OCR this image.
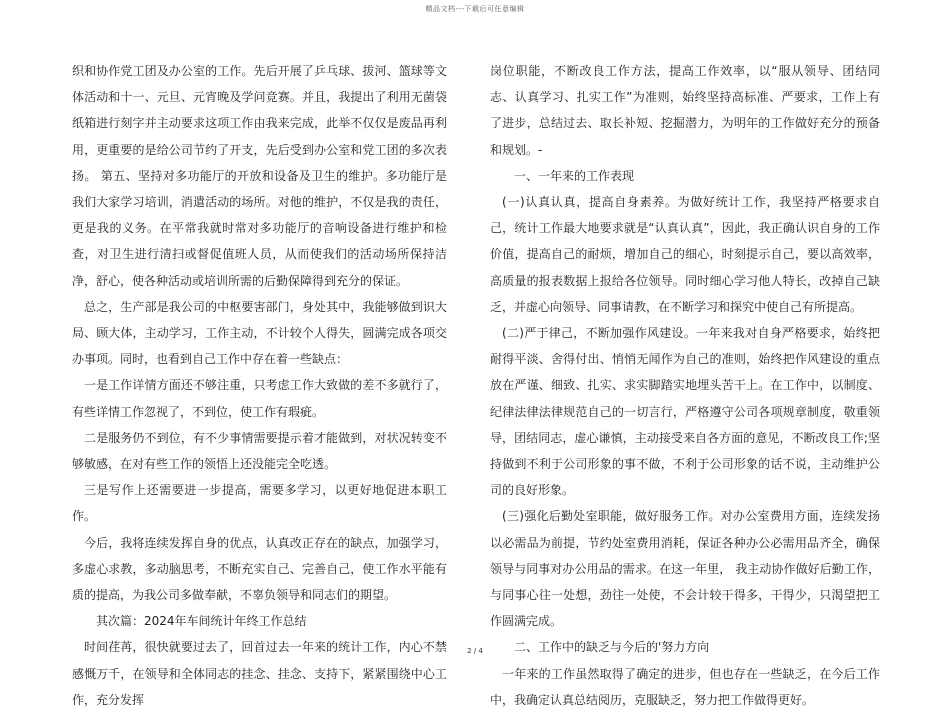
精品文档---下载后可任意编辑

织和协作党工团及办公室的工作。先后开展了乒乓球、拔河、篮球等文体活动和十一、元旦、元宵晚及学问竞赛。并且，我提出了利用无菌袋纸箱进行刻字并主动要求这项工作由我来完成，此举不仅仅是废品再利用，更重要的是给公司节约了开支，先后受到办公室和党工团的多次表扬。 第五、坚持对多功能厅的开放和设备及卫生的维护。多功能厅是我们大家学习培训，消遣活动的场所。对他的维护，不仅是我的责任，更是我的义务。在平常我就时常对多功能厅的音响设备进行维护和检查，对卫生进行清扫或督促值班人员，从而使我们的活动场所保持洁净，舒心，使各种活动或培训所需的后勤保障得到充分的保证。

总之，生产部是我公司的中枢要害部门，身处其中，我能够做到识大局、顾大体，主动学习，工作主动，不计较个人得失，圆满完成各项交办事项。同时，也看到自己工作中存在着一些缺点：

一是工作详情方面还不够注重，只考虑工作大致做的差不多就行了，有些详情工作忽视了，不到位，使工作有瑕疵。

二是服务仍不到位，有不少事情需要提示着才能做到，对状况转变不够敏感，在对有些工作的领悟上还没能完全吃透。

三是写作上还需要进一步提高，需要多学习，以更好地促进本职工作。

今后，我将连续发挥自身的优点，认真改正存在的缺点，加强学习，多虚心求教，多动脑思考，不断充实自己、完善自己，使工作水平能有质的提高，为我公司多做奉献，不辜负领导和同志们的期望。

其次篇：2024年车间统计年终工作总结

时间荏苒，很快就要过去了，回首过去一年来的统计工作，内心不禁感慨万千，在领导和全体同志的挂念、挂念、支持下，紧紧围绕中心工作，充分发挥

岗位职能，不断改良工作方法，提高工作效率，以“服从领导、团结同志、认真学习、扎实工作”为准则，始终坚持高标准、严要求，工作上有了进步，总结过去、取长补短、挖掘潜力，为明年的工作做好充分的预备和规划。-

一、一年来的工作表现

(一)认真认真，提高自身素养。为做好统计工作，我坚持严格要求自己，统计工作最大地要求就是“认真认真”，因此，我正确认识自身的工作价值，提高自己的耐烦，增加自己的细心，时刻提示自己，要以高效率，高质量的报表数据上报给各位领导。同时细心学习他人特长，改掉自己缺乏，并虚心向领导、同事请教，在不断学习和探究中使自己有所提高。

(二)严于律己，不断加强作风建设。一年来我对自身严格要求，始终把耐得平淡、舍得付出、悄悄无闻作为自己的准则，始终把作风建设的重点放在严谨、细致、扎实、求实脚踏实地埋头苦干上。在工作中，以制度、纪律法律法律规范自己的一切言行，严格遵守公司各项规章制度，敬重领导，团结同志，虚心谦慎，主动接受来自各方面的意见，不断改良工作;坚持做到不利于公司形象的事不做，不利于公司形象的话不说，主动维护公司的良好形象。

(三)强化后勤处室职能，做好服务工作。对办公室费用方面，连续发扬以必需品为前提，节约处室费用消耗，保证各种办公必需用品齐全，确保领导与同事对办公用品的需求。在这一年里， 我主动协作做好后勤工作，与同事心往一处想，劲往一处使，不会计较干得多，干得少，只渴望把工作圆满完成。

二、工作中的缺乏与今后的'努力方向

一年来的工作虽然取得了确定的进步，但也存在一些缺乏，在今后工作中，我确定认真总结阅历，克服缺乏，努力把工作做得更好。

2 / 4
